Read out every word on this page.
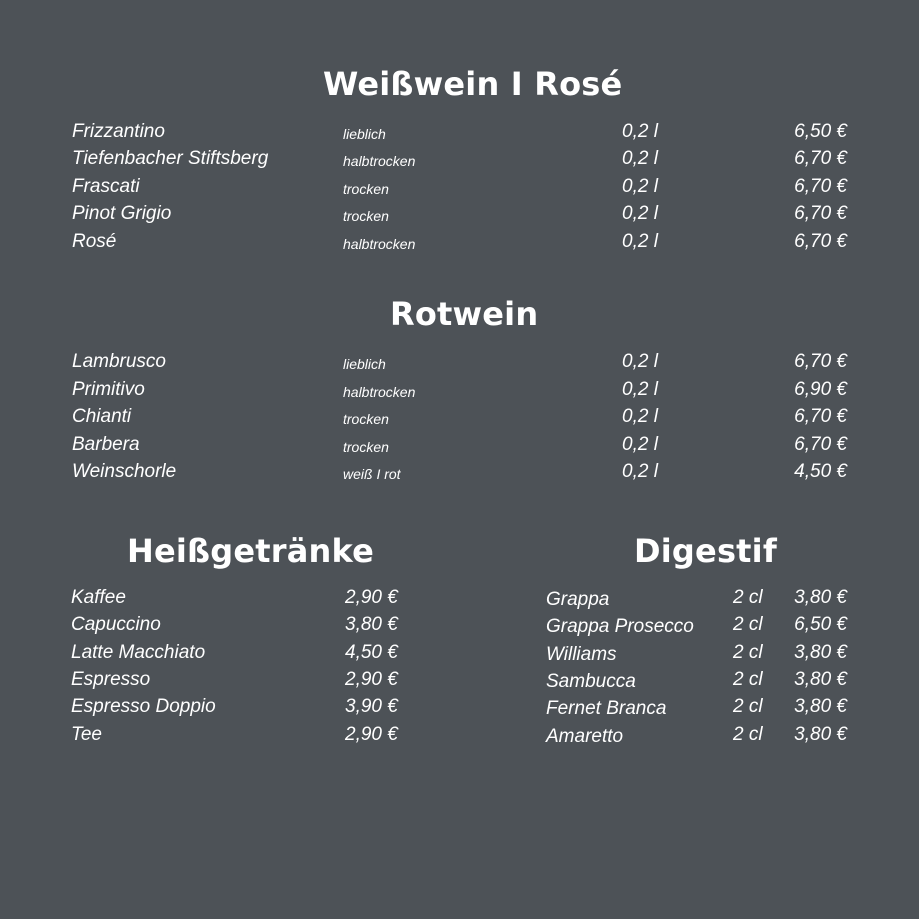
Weißwein I Rosé
Frizzantino	lieblich	0,2 l	6,50 €
Tiefenbacher Stiftsberg	halbtrocken	0,2 l	6,70 €
Frascati	trocken	0,2 l	6,70 €
Pinot Grigio	trocken	0,2 l	6,70 €
Rosé	halbtrocken	0,2 l	6,70 €
Rotwein
Lambrusco	lieblich	0,2 l	6,70 €
Primitivo	halbtrocken	0,2 l	6,90 €
Chianti	trocken	0,2 l	6,70 €
Barbera	trocken	0,2 l	6,70 €
Weinschorle	weiß I rot	0,2 l	4,50 €
Heißgetränke
Kaffee	2,90 €
Capuccino	3,80 €
Latte Macchiato	4,50 €
Espresso	2,90 €
Espresso Doppio	3,90 €
Tee	2,90 €
Digestif
Grappa	2 cl 3,80 €
Grappa Prosecco 2 cl 6,50 €
Williams	2 cl 3,80 €
Sambucca	2 cl 3,80 €
Fernet Branca	2 cl 3,80 €
Amaretto	2 cl 3,80 €
